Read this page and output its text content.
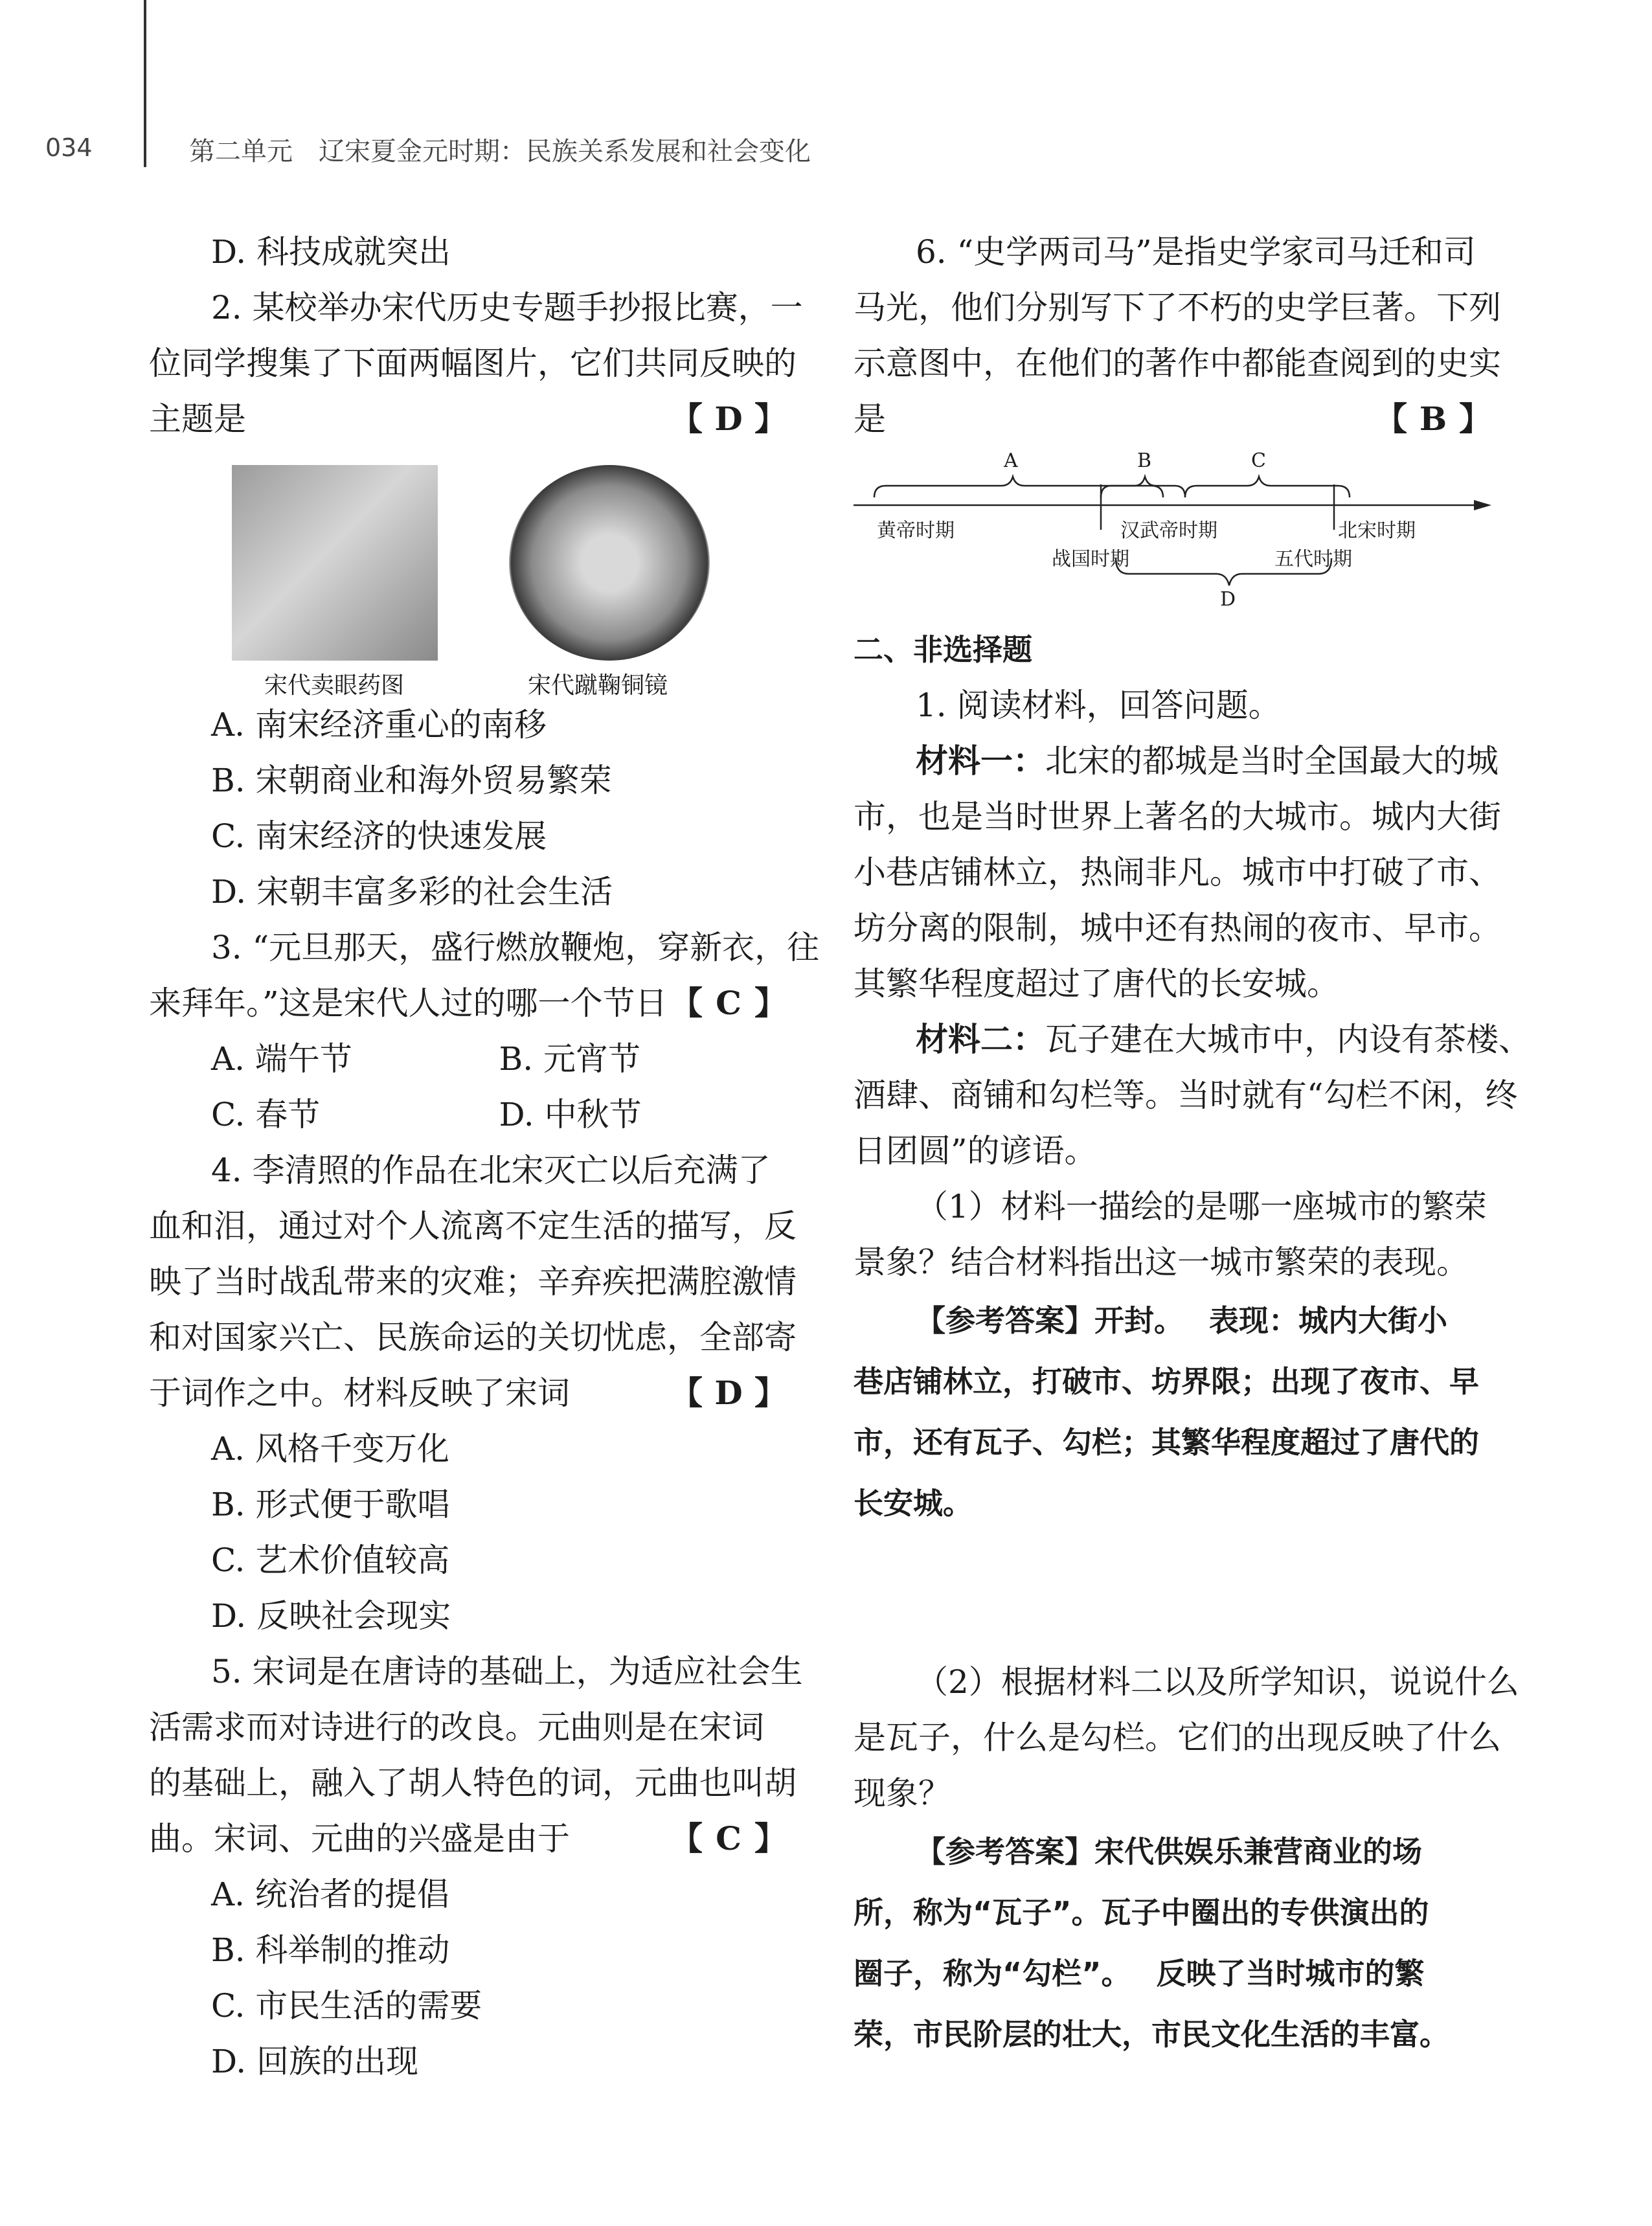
034	第二单元　辽宋夏金元时期：民族关系发展和社会变化
D. 科技成就突出
2. 某校举办宋代历史专题手抄报比赛，一
位同学搜集了下面两幅图片，它们共同反映的
主题是	【 D 】
宋代卖眼药图	宋代蹴鞠铜镜
A. 南宋经济重心的南移
B. 宋朝商业和海外贸易繁荣
C. 南宋经济的快速发展
D. 宋朝丰富多彩的社会生活
3. “元旦那天，盛行燃放鞭炮，穿新衣，往
来拜年。”这是宋代人过的哪一个节日 【 C 】
A. 端午节	B. 元宵节
C. 春节	D. 中秋节
4. 李清照的作品在北宋灭亡以后充满了
血和泪，通过对个人流离不定生活的描写，反
映了当时战乱带来的灾难；辛弃疾把满腔激情
和对国家兴亡、民族命运的关切忧虑，全部寄
于词作之中。材料反映了宋词	【 D 】
A. 风格千变万化
B. 形式便于歌唱
C. 艺术价值较高
D. 反映社会现实
5. 宋词是在唐诗的基础上，为适应社会生
活需求而对诗进行的改良。元曲则是在宋词
的基础上，融入了胡人特色的词，元曲也叫胡
曲。宋词、元曲的兴盛是由于	【 C 】
A. 统治者的提倡
B. 科举制的推动
C. 市民生活的需要
D. 回族的出现
6. “史学两司马”是指史学家司马迁和司
马光，他们分别写下了不朽的史学巨著。下列
示意图中，在他们的著作中都能查阅到的史实
是	【 B 】
A	B	C
D
黄帝时期
战国时期
汉武帝时期
五代时期
北宋时期
二、非选择题
1. 阅读材料，回答问题。
材料一：北宋的都城是当时全国最大的城
市，也是当时世界上著名的大城市。城内大街
小巷店铺林立，热闹非凡。城市中打破了市、
坊分离的限制，城中还有热闹的夜市、早市。
其繁华程度超过了唐代的长安城。
材料二：瓦子建在大城市中，内设有茶楼、
酒肆、商铺和勾栏等。当时就有“勾栏不闲，终
日团圆”的谚语。
（1）材料一描绘的是哪一座城市的繁荣
景象？结合材料指出这一城市繁荣的表现。
【参考答案】开封。　 表现：城内大街小
巷店铺林立，打破市、坊界限；出现了夜市、早
市，还有瓦子、勾栏；其繁华程度超过了唐代的
长安城。
（2）根据材料二以及所学知识，说说什么
是瓦子，什么是勾栏。它们的出现反映了什么
现象？
【参考答案】宋代供娱乐兼营商业的场
所，称为“瓦子”。瓦子中圈出的专供演出的
圈子，称为“勾栏”。　 反映了当时城市的繁
荣，市民阶层的壮大，市民文化生活的丰富。
